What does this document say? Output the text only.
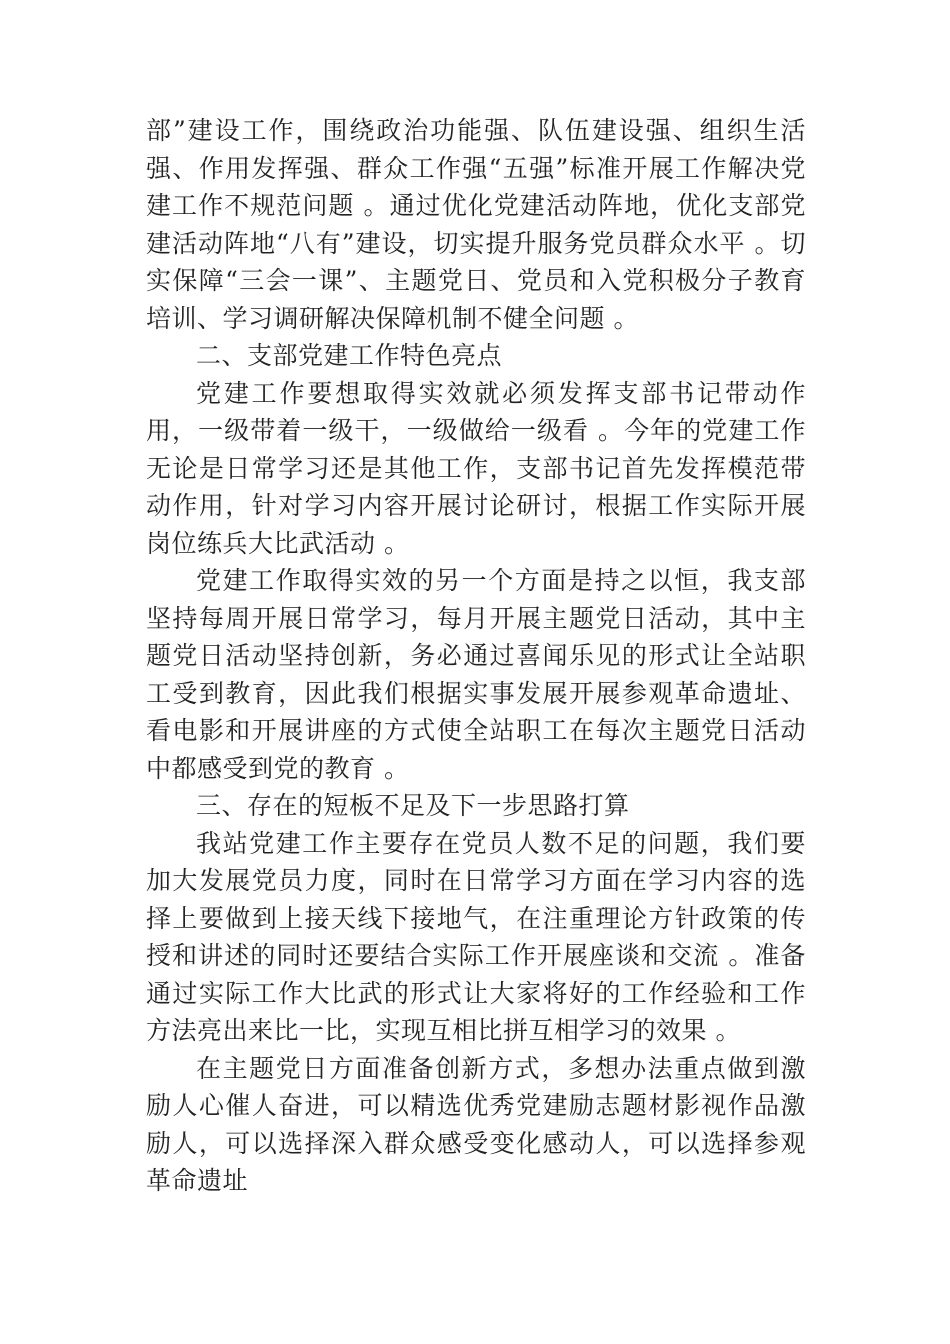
部”建设工作，围绕政治功能强、队伍建设强、组织生活强、作用发挥强、群众工作强“五强”标准开展工作解决党建工作不规范问题 。通过优化党建活动阵地，优化支部党建活动阵地“八有”建设，切实提升服务党员群众水平 。切实保障“三会一课”、主题党日、党员和入党积极分子教育培训、学习调研解决保障机制不健全问题 。

二、支部党建工作特色亮点

党建工作要想取得实效就必须发挥支部书记带动作用，一级带着一级干，一级做给一级看 。今年的党建工作无论是日常学习还是其他工作，支部书记首先发挥模范带动作用，针对学习内容开展讨论研讨，根据工作实际开展岗位练兵大比武活动 。

党建工作取得实效的另一个方面是持之以恒，我支部坚持每周开展日常学习，每月开展主题党日活动，其中主题党日活动坚持创新，务必通过喜闻乐见的形式让全站职工受到教育，因此我们根据实事发展开展参观革命遗址、看电影和开展讲座的方式使全站职工在每次主题党日活动中都感受到党的教育 。

三、存在的短板不足及下一步思路打算

我站党建工作主要存在党员人数不足的问题，我们要加大发展党员力度，同时在日常学习方面在学习内容的选择上要做到上接天线下接地气，在注重理论方针政策的传授和讲述的同时还要结合实际工作开展座谈和交流 。准备通过实际工作大比武的形式让大家将好的工作经验和工作方法亮出来比一比，实现互相比拼互相学习的效果 。

在主题党日方面准备创新方式，多想办法重点做到激励人心催人奋进，可以精选优秀党建励志题材影视作品激励人，可以选择深入群众感受变化感动人，可以选择参观革命遗址
